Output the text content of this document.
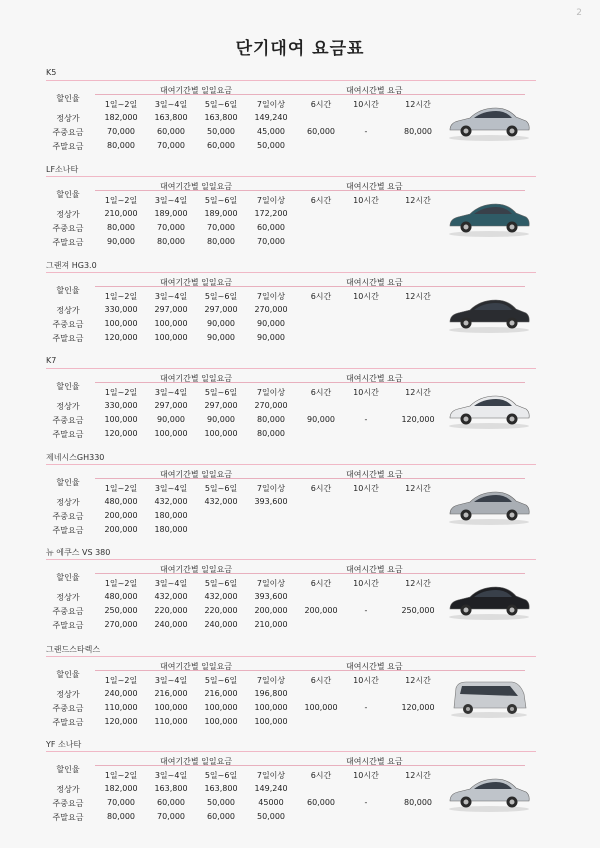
2
단기대여 요금표
K5
대여기간별 일일요금	대여시간별 요금
할인율
1일~2일	3일~4일	5일~6일	7일이상	6시간	10시간	12시간
정상가	182,000	163,800	163,800	149,240
주중요금	70,000	60,000	50,000	45,000	60,000	-	80,000
주말요금	80,000	70,000	60,000	50,000
LF소나타
대여기간별 일일요금	대여시간별 요금
할인율
1일~2일	3일~4일	5일~6일	7일이상	6시간	10시간	12시간
정상가	210,000	189,000	189,000	172,200
주중요금	80,000	70,000	70,000	60,000
주말요금	90,000	80,000	80,000	70,000
그랜져 HG3.0
대여기간별 일일요금	대여시간별 요금
할인율
1일~2일	3일~4일	5일~6일	7일이상	6시간	10시간	12시간
정상가	330,000	297,000	297,000	270,000
주중요금	100,000	100,000	90,000	90,000
주말요금	120,000	100,000	90,000	90,000
K7
대여기간별 일일요금	대여시간별 요금
할인율
1일~2일	3일~4일	5일~6일	7일이상	6시간	10시간	12시간
정상가	330,000	297,000	297,000	270,000
주중요금	100,000	90,000	90,000	80,000	90,000	-	120,000
주말요금	120,000	100,000	100,000	80,000
제네시스GH330
대여기간별 일일요금	대여시간별 요금
할인율
1일~2일	3일~4일	5일~6일	7일이상	6시간	10시간	12시간
정상가	480,000	432,000	432,000	393,600
주중요금	200,000	180,000
주말요금	200,000	180,000
뉴 에쿠스 VS 380
대여기간별 일일요금	대여시간별 요금
할인율
1일~2일	3일~4일	5일~6일	7일이상	6시간	10시간	12시간
정상가	480,000	432,000	432,000	393,600
주중요금	250,000	220,000	220,000	200,000	200,000	-	250,000
주말요금	270,000	240,000	240,000	210,000
그랜드스타렉스
대여기간별 일일요금	대여시간별 요금
할인율
1일~2일	3일~4일	5일~6일	7일이상	6시간	10시간	12시간
정상가	240,000	216,000	216,000	196,800
주중요금	110,000	100,000	100,000	100,000	100,000	-	120,000
주말요금	120,000	110,000	100,000	100,000
YF 소나타
대여기간별 일일요금	대여시간별 요금
할인율
1일~2일	3일~4일	5일~6일	7일이상	6시간	10시간	12시간
정상가	182,000	163,800	163,800	149,240
주중요금	70,000	60,000	50,000	45000	60,000	-	80,000
주말요금	80,000	70,000	60,000	50,000
